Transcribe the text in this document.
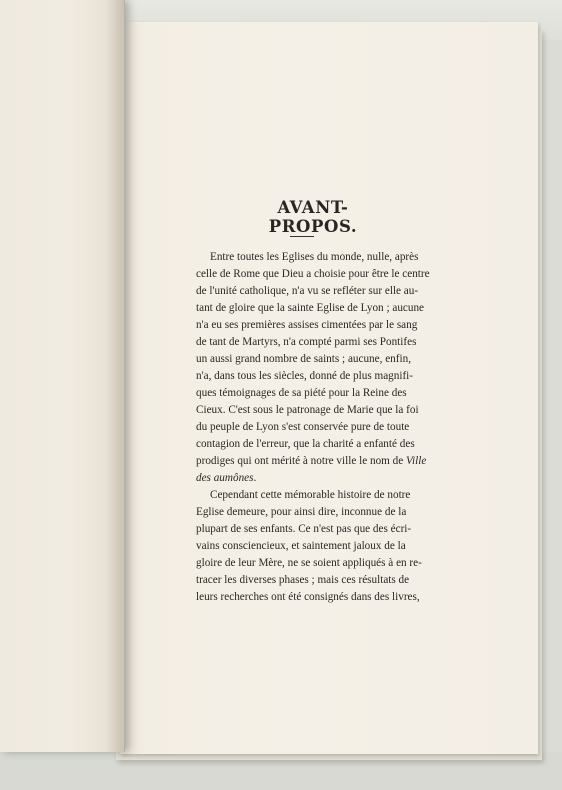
AVANT-PROPOS.
Entre toutes les Eglises du monde, nulle, après
celle de Rome que Dieu a choisie pour être le centre
de l'unité catholique, n'a vu se refléter sur elle au-
tant de gloire que la sainte Eglise de Lyon ; aucune
n'a eu ses premières assises cimentées par le sang
de tant de Martyrs, n'a compté parmi ses Pontifes
un aussi grand nombre de saints ; aucune, enfin,
n'a, dans tous les siècles, donné de plus magnifi-
ques témoignages de sa piété pour la Reine des
Cieux. C'est sous le patronage de Marie que la foi
du peuple de Lyon s'est conservée pure de toute
contagion de l'erreur, que la charité a enfanté des
prodiges qui ont mérité à notre ville le nom de Ville
des aumônes.
Cependant cette mémorable histoire de notre
Eglise demeure, pour ainsi dire, inconnue de la
plupart de ses enfants. Ce n'est pas que des écri-
vains consciencieux, et saintement jaloux de la
gloire de leur Mère, ne se soient appliqués à en re-
tracer les diverses phases ; mais ces résultats de
leurs recherches ont été consignés dans des livres,
